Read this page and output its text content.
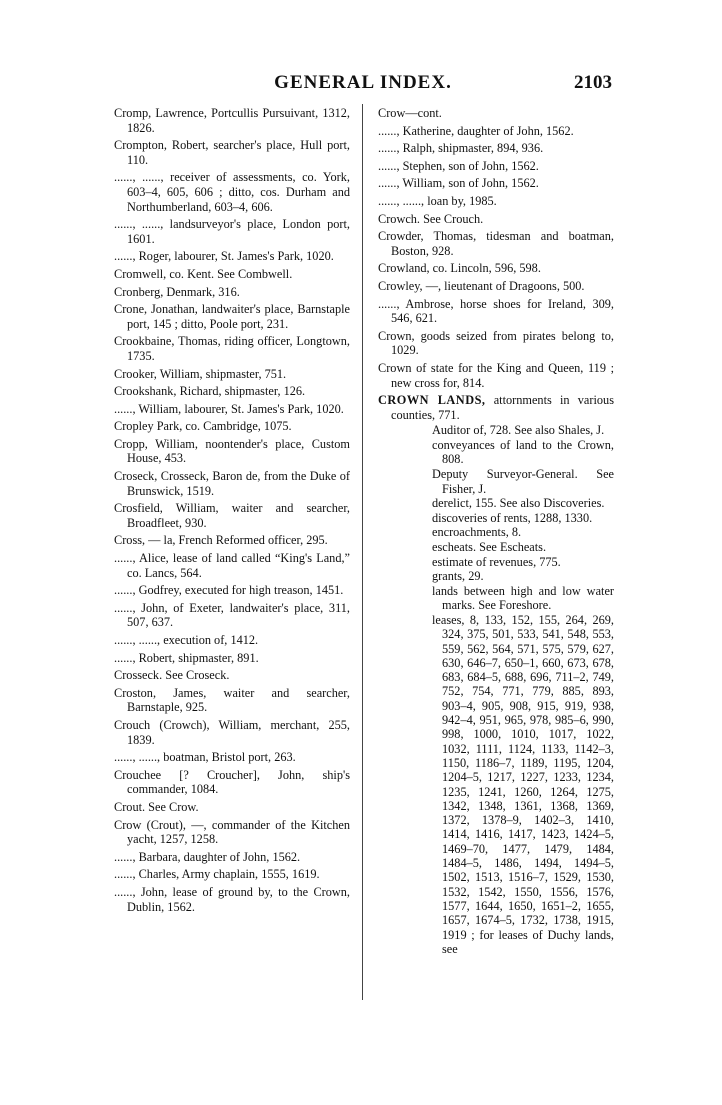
GENERAL INDEX.	2103
Cromp, Lawrence, Portcullis Pursuivant, 1312, 1826.
Crompton, Robert, searcher's place, Hull port, 110.
......, ......, receiver of assessments, co. York, 603–4, 605, 606 ; ditto, cos. Durham and Northumberland, 603–4, 606.
......, ......, landsurveyor's place, London port, 1601.
......, Roger, labourer, St. James's Park, 1020.
Cromwell, co. Kent. See Combwell.
Cronberg, Denmark, 316.
Crone, Jonathan, landwaiter's place, Barnstaple port, 145 ; ditto, Poole port, 231.
Crookbaine, Thomas, riding officer, Longtown, 1735.
Crooker, William, shipmaster, 751.
Crookshank, Richard, shipmaster, 126.
......, William, labourer, St. James's Park, 1020.
Cropley Park, co. Cambridge, 1075.
Cropp, William, noontender's place, Custom House, 453.
Croseck, Crosseck, Baron de, from the Duke of Brunswick, 1519.
Crosfield, William, waiter and searcher, Broadfleet, 930.
Cross, — la, French Reformed officer, 295.
......, Alice, lease of land called “King's Land,” co. Lancs, 564.
......, Godfrey, executed for high treason, 1451.
......, John, of Exeter, landwaiter's place, 311, 507, 637.
......, ......, execution of, 1412.
......, Robert, shipmaster, 891.
Crosseck. See Croseck.
Croston, James, waiter and searcher, Barnstaple, 925.
Crouch (Crowch), William, merchant, 255, 1839.
......, ......, boatman, Bristol port, 263.
Crouchee [? Croucher], John, ship's commander, 1084.
Crout. See Crow.
Crow (Crout), —, commander of the Kitchen yacht, 1257, 1258.
......, Barbara, daughter of John, 1562.
......, Charles, Army chaplain, 1555, 1619.
......, John, lease of ground by, to the Crown, Dublin, 1562.
Crow—cont.
......, Katherine, daughter of John, 1562.
......, Ralph, shipmaster, 894, 936.
......, Stephen, son of John, 1562.
......, William, son of John, 1562.
......, ......, loan by, 1985.
Crowch. See Crouch.
Crowder, Thomas, tidesman and boatman, Boston, 928.
Crowland, co. Lincoln, 596, 598.
Crowley, —, lieutenant of Dragoons, 500.
......, Ambrose, horse shoes for Ireland, 309, 546, 621.
Crown, goods seized from pirates belong to, 1029.
Crown of state for the King and Queen, 119 ; new cross for, 814.
CROWN LANDS, attornments in various counties, 771.
Auditor of, 728. See also Shales, J.
conveyances of land to the Crown, 808.
Deputy Surveyor-General. See Fisher, J.
derelict, 155. See also Discoveries.
discoveries of rents, 1288, 1330.
encroachments, 8.
escheats. See Escheats.
estimate of revenues, 775.
grants, 29.
lands between high and low water marks. See Foreshore.
leases, 8, 133, 152, 155, 264, 269, 324, 375, 501, 533, 541, 548, 553, 559, 562, 564, 571, 575, 579, 627, 630, 646–7, 650–1, 660, 673, 678, 683, 684–5, 688, 696, 711–2, 749, 752, 754, 771, 779, 885, 893, 903–4, 905, 908, 915, 919, 938, 942–4, 951, 965, 978, 985–6, 990, 998, 1000, 1010, 1017, 1022, 1032, 1111, 1124, 1133, 1142–3, 1150, 1186–7, 1189, 1195, 1204, 1204–5, 1217, 1227, 1233, 1234, 1235, 1241, 1260, 1264, 1275, 1342, 1348, 1361, 1368, 1369, 1372, 1378–9, 1402–3, 1410, 1414, 1416, 1417, 1423, 1424–5, 1469–70, 1477, 1479, 1484, 1484–5, 1486, 1494, 1494–5, 1502, 1513, 1516–7, 1529, 1530, 1532, 1542, 1550, 1556, 1576, 1577, 1644, 1650, 1651–2, 1655, 1657, 1674–5, 1732, 1738, 1915, 1919 ; for leases of Duchy lands, see
